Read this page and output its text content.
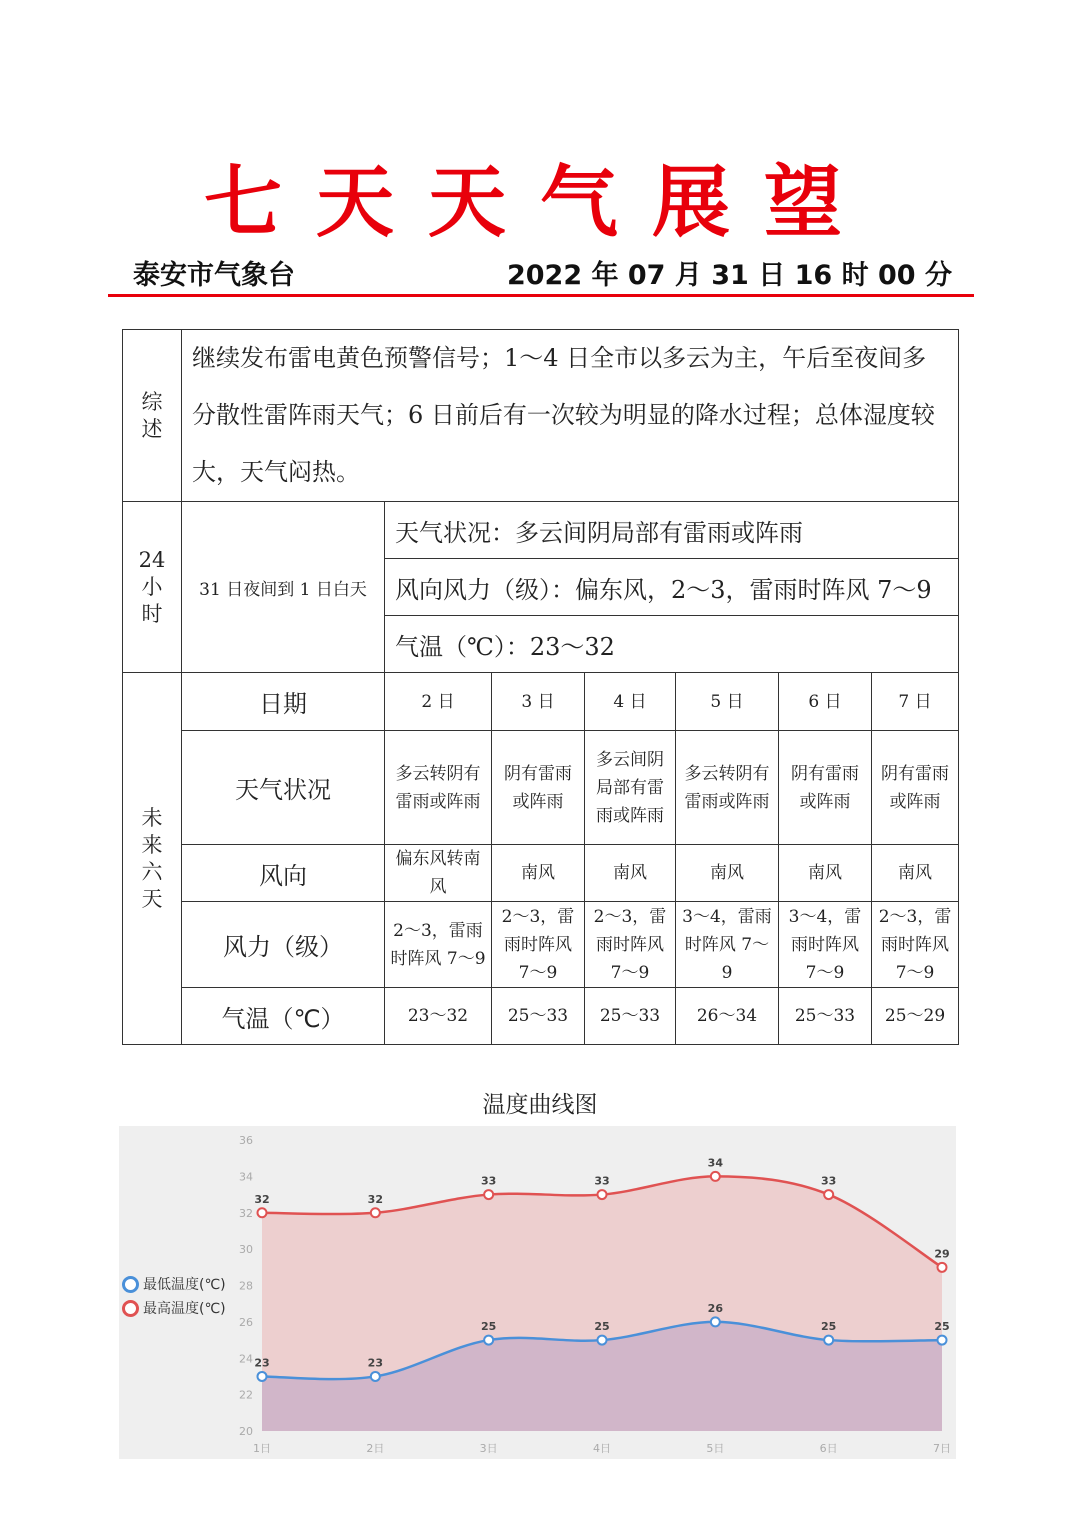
七天天气展望
泰安市气象台	2022 年 07 月 31 日 16 时 00 分
综
述	继续发布雷电黄色预警信号；1～4 日全市以多云为主，午后至夜间多分散性雷阵雨天气；6 日前后有一次较为明显的降水过程；总体湿度较大，天气闷热。						

24
小
时	31 日夜间到 1 日白天	天气状况：多云间阴局部有雷雨或阵雨					
		风向风力（级）：偏东风，2～3，雷雨时阵风 7～9					
		气温（℃）：23～32					

未
来
六
天	日期	2 日	3 日	4 日	5 日	6 日	7 日
	天气状况	多云转阴有雷雨或阵雨	阴有雷雨或阵雨	多云间阴局部有雷雨或阵雨	多云转阴有雷雨或阵雨	阴有雷雨或阵雨	阴有雷雨或阵雨
	风向	偏东风转南风	南风	南风	南风	南风	南风
	风力（级）	2～3，雷雨时阵风 7～9	2～3，雷雨时阵风 7～9	2～3，雷雨时阵风 7～9	3～4，雷雨时阵风 7～9	3～4，雷雨时阵风 7～9	2～3，雷雨时阵风 7～9
	气温（℃）	23～32	25～33	25～33	26～34	25～33	25～29
温度曲线图
20
22
24
26
28
30
32
34
36
1日	2日	3日	4日	5日	6日	7日
23	23
25	25
26
25	25
32	32
33	33
34
33
29
最低温度(℃)
最高温度(℃)
